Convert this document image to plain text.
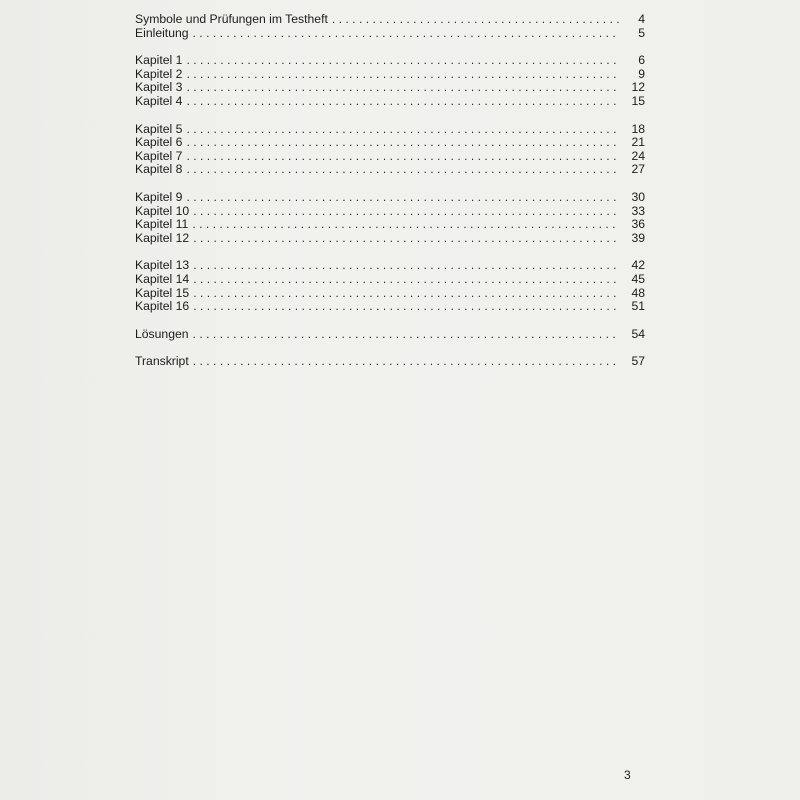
Symbole und Prüfungen im Testheft . . .	4
Einleitung . . .	5
Kapitel 1 . . .	6
Kapitel 2 . . .	9
Kapitel 3 . . .	12
Kapitel 4 . . .	15
Kapitel 5 . . .	18
Kapitel 6 . . .	21
Kapitel 7 . . .	24
Kapitel 8 . . .	27
Kapitel 9 . . .	30
Kapitel 10 . . .	33
Kapitel 11 . . .	36
Kapitel 12 . . .	39
Kapitel 13 . . .	42
Kapitel 14 . . .	45
Kapitel 15 . . .	48
Kapitel 16 . . .	51
Lösungen . . .	54
Transkript . . .	57
3
